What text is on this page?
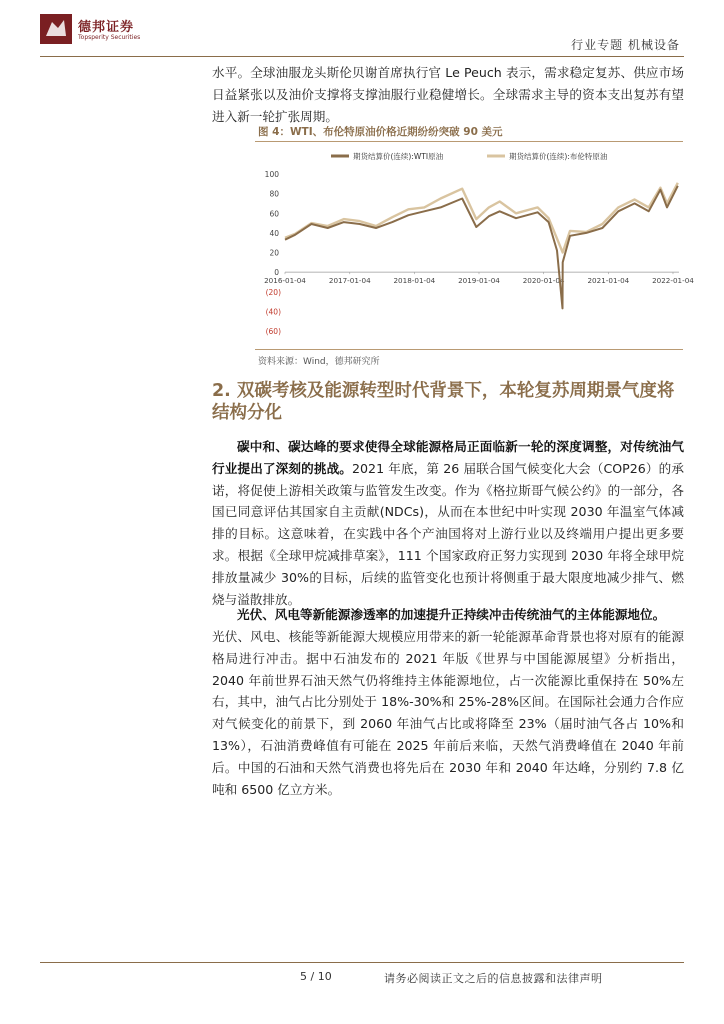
德邦证券
Topsperity Securities
行业专题 机械设备

水平。全球油服龙头斯伦贝谢首席执行官 Le Peuch 表示，需求稳定复苏、供应市场日益紧张以及油价支撑将支撑油服行业稳健增长。全球需求主导的资本支出复苏有望进入新一轮扩张周期。

图 4：WTI、布伦特原油价格近期纷纷突破 90 美元
期货结算价(连续):WTI原油	期货结算价(连续):布伦特原油
100
80
60
40
20
0
(20)
(40)
(60)
2016-01-04	2017-01-04	2018-01-04	2019-01-04	2020-01-04	2021-01-04	2022-01-04
资料来源：Wind，德邦研究所
2. 双碳考核及能源转型时代背景下，本轮复苏周期景气度将结构分化

碳中和、碳达峰的要求使得全球能源格局正面临新一轮的深度调整，对传统油气行业提出了深刻的挑战。2021 年底，第 26 届联合国气候变化大会（COP26）的承诺，将促使上游相关政策与监管发生改变。作为《格拉斯哥气候公约》的一部分，各国已同意评估其国家自主贡献(NDCs)，从而在本世纪中叶实现 2030 年温室气体减排的目标。这意味着，在实践中各个产油国将对上游行业以及终端用户提出更多要求。根据《全球甲烷减排草案》，111 个国家政府正努力实现到 2030 年将全球甲烷排放量减少 30%的目标，后续的监管变化也预计将侧重于最大限度地减少排气、燃烧与溢散排放。

光伏、风电等新能源渗透率的加速提升正持续冲击传统油气的主体能源地位。

光伏、风电、核能等新能源大规模应用带来的新一轮能源革命背景也将对原有的能源格局进行冲击。据中石油发布的 2021 年版《世界与中国能源展望》分析指出，2040 年前世界石油天然气仍将维持主体能源地位，占一次能源比重保持在 50%左右，其中，油气占比分别处于 18%-30%和 25%-28%区间。在国际社会通力合作应对气候变化的前景下，到 2060 年油气占比或将降至 23%（届时油气各占 10%和 13%），石油消费峰值有可能在 2025 年前后来临，天然气消费峰值在 2040 年前后。中国的石油和天然气消费也将先后在 2030 年和 2040 年达峰，分别约 7.8 亿吨和 6500 亿立方米。

5 / 10	请务必阅读正文之后的信息披露和法律声明
